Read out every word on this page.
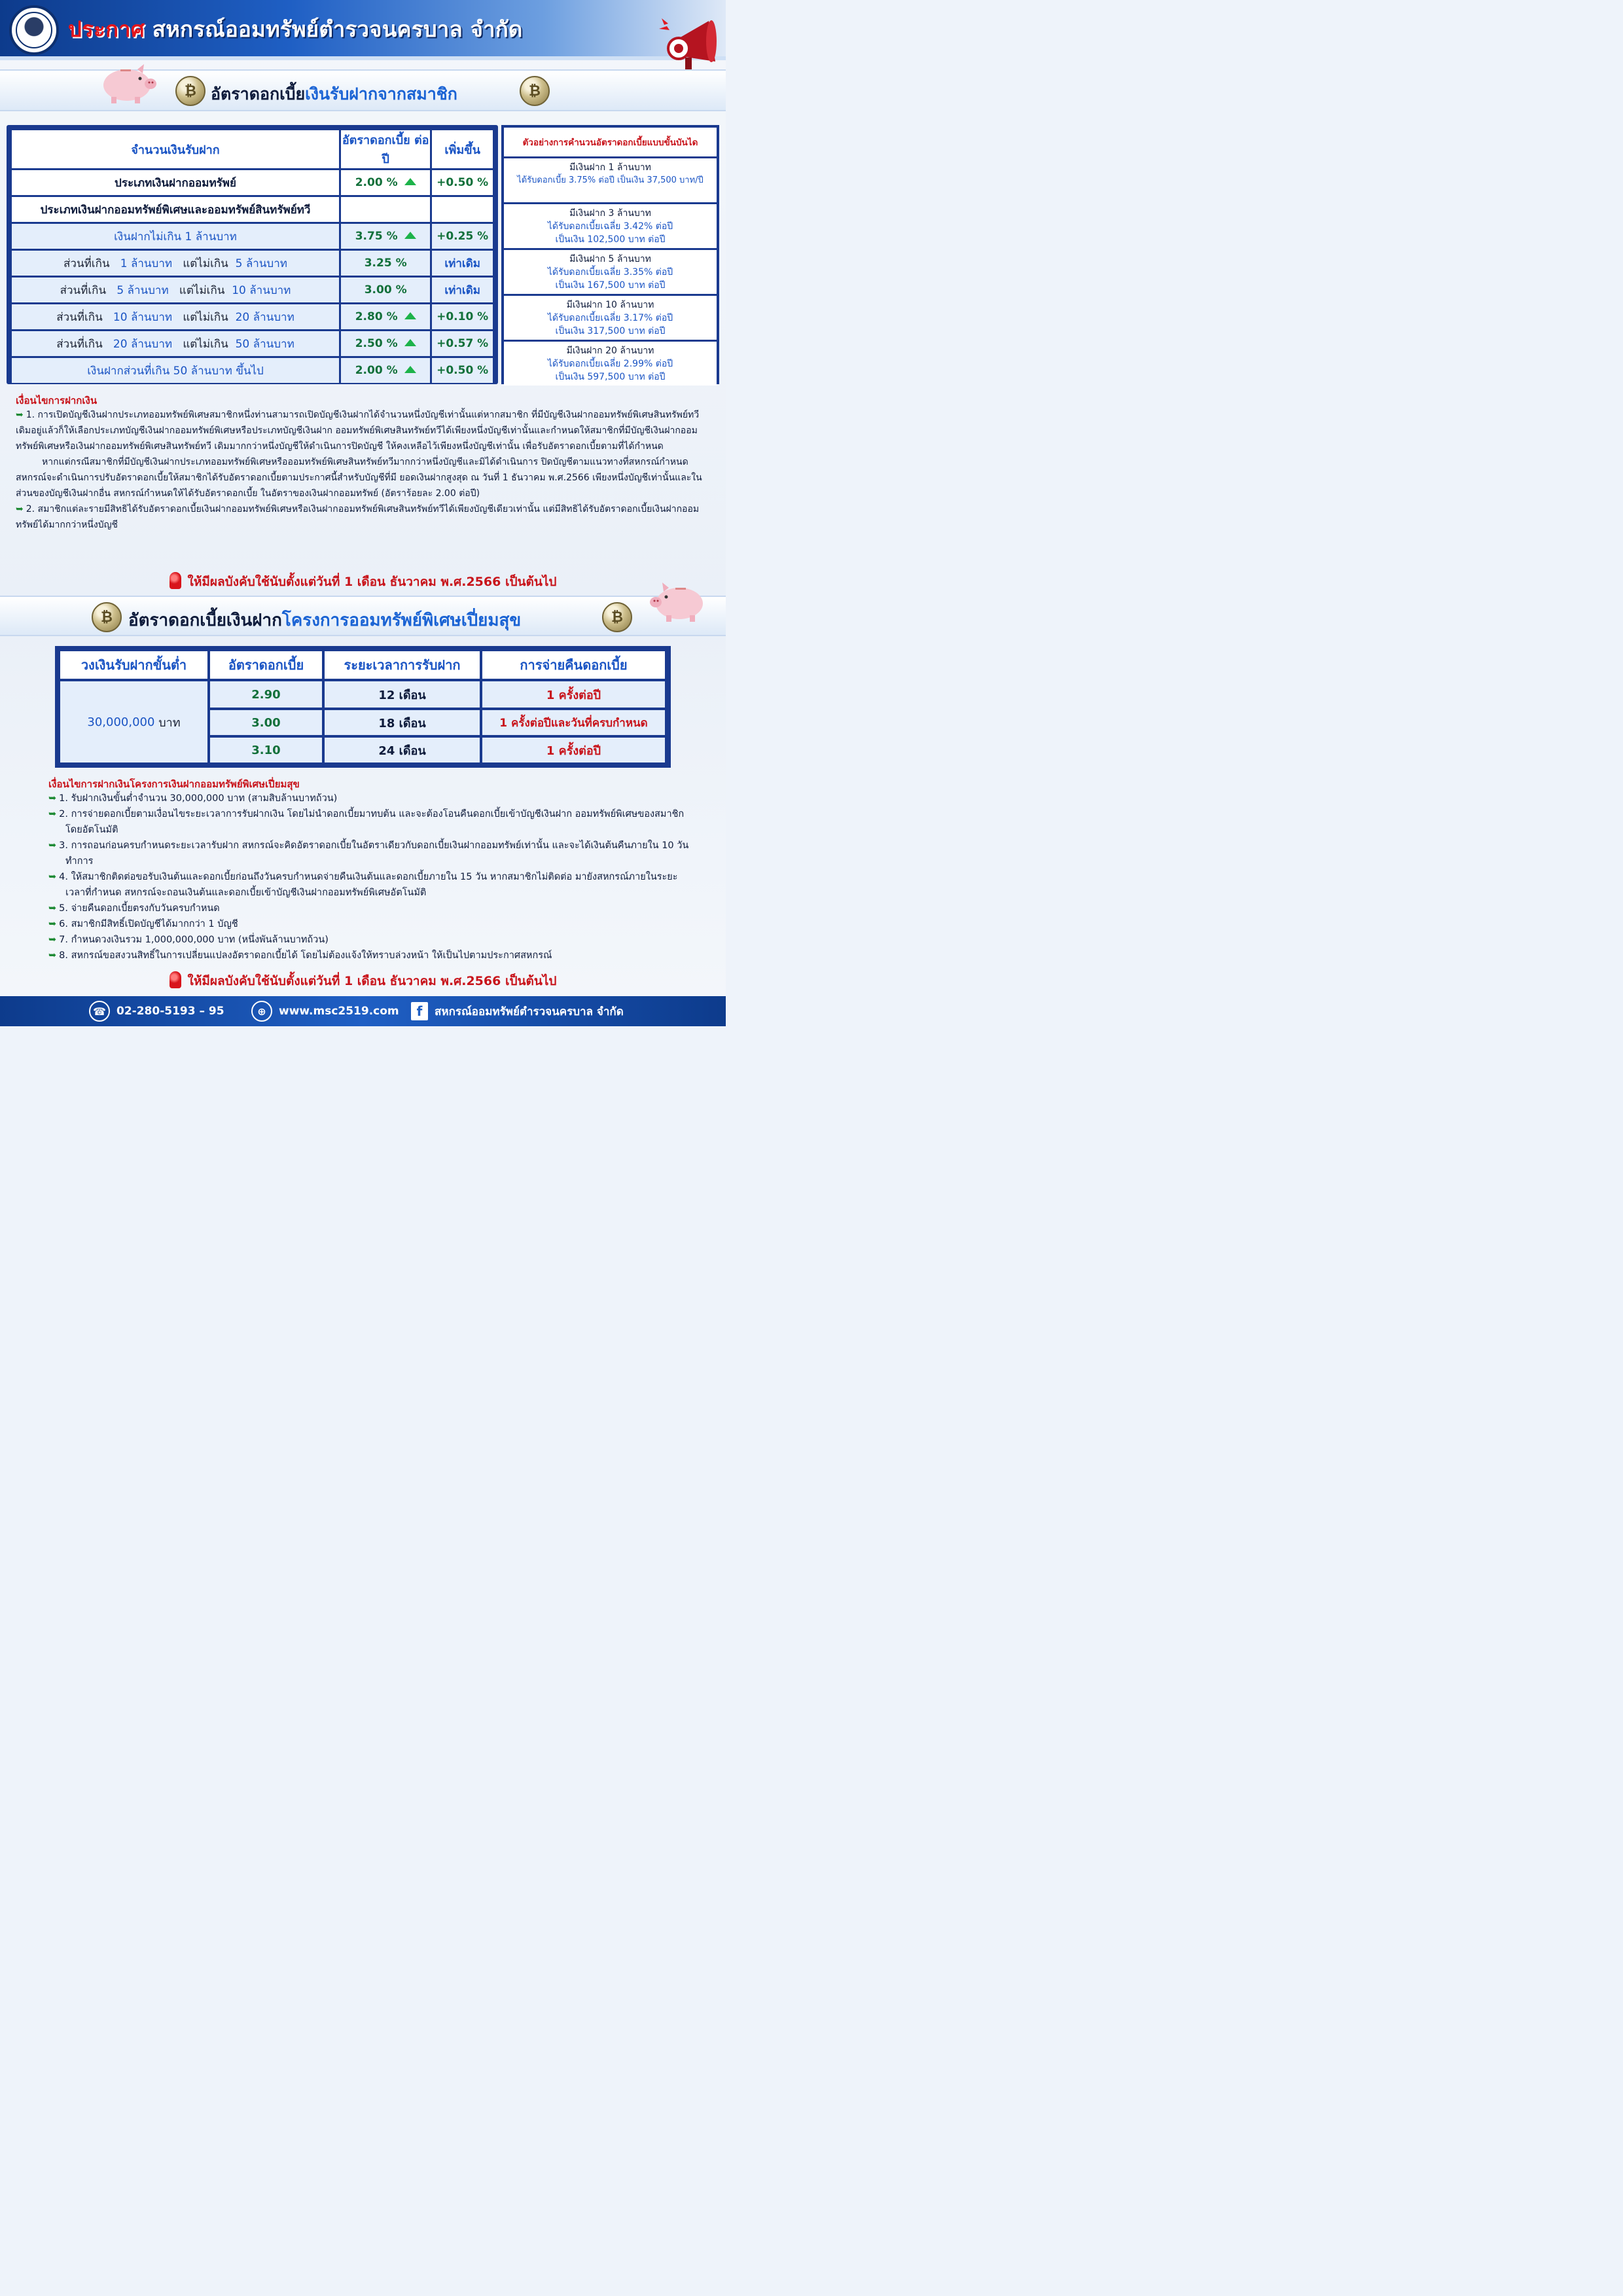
ประกาศ สหกรณ์ออมทรัพย์ตำรวจนครบาล จำกัด
₿ อัตราดอกเบี้ยเงินรับฝากจากสมาชิก	₿
จำนวนเงินรับฝาก	อัตราดอกเบี้ย ต่อปี	เพิ่มขึ้น
ประเภทเงินฝากออมทรัพย์	2.00 %	+0.50 %
ประเภทเงินฝากออมทรัพย์พิเศษและออมทรัพย์สินทรัพย์ทวี		
เงินฝากไม่เกิน 1 ล้านบาท	3.75 %	+0.25 %
ส่วนที่เกิน 1 ล้านบาท แต่ไม่เกิน 5 ล้านบาท	3.25 %	เท่าเดิม
ส่วนที่เกิน 5 ล้านบาท แต่ไม่เกิน 10 ล้านบาท	3.00 %	เท่าเดิม
ส่วนที่เกิน 10 ล้านบาท แต่ไม่เกิน 20 ล้านบาท	2.80 %	+0.10 %
ส่วนที่เกิน 20 ล้านบาท แต่ไม่เกิน 50 ล้านบาท	2.50 %	+0.57 %
เงินฝากส่วนที่เกิน 50 ล้านบาท ขึ้นไป	2.00 %	+0.50 %
ตัวอย่างการคำนวนอัตราดอกเบี้ยแบบขั้นบันได
มีเงินฝาก 1 ล้านบาท
ได้รับดอกเบี้ย 3.75% ต่อปี เป็นเงิน 37,500 บาท/ปี
มีเงินฝาก 3 ล้านบาท
ได้รับดอกเบี้ยเฉลี่ย 3.42% ต่อปี
เป็นเงิน 102,500 บาท ต่อปี
มีเงินฝาก 5 ล้านบาท
ได้รับดอกเบี้ยเฉลี่ย 3.35% ต่อปี
เป็นเงิน 167,500 บาท ต่อปี
มีเงินฝาก 10 ล้านบาท
ได้รับดอกเบี้ยเฉลี่ย 3.17% ต่อปี
เป็นเงิน 317,500 บาท ต่อปี
มีเงินฝาก 20 ล้านบาท
ได้รับดอกเบี้ยเฉลี่ย 2.99% ต่อปี
เป็นเงิน 597,500 บาท ต่อปี
เงื่อนไขการฝากเงิน

➥ 1. การเปิดบัญชีเงินฝากประเภทออมทรัพย์พิเศษสมาชิกหนึ่งท่านสามารถเปิดบัญชีเงินฝากได้จำนวนหนึ่งบัญชีเท่านั้นแต่หากสมาชิก ที่มีบัญชีเงินฝากออมทรัพย์พิเศษสินทรัพย์ทวีเดิมอยู่แล้วก็ให้เลือกประเภทบัญชีเงินฝากออมทรัพย์พิเศษหรือประเภทบัญชีเงินฝาก ออมทรัพย์พิเศษสินทรัพย์ทวีได้เพียงหนึ่งบัญชีเท่านั้นและกำหนดให้สมาชิกที่มีบัญชีเงินฝากออมทรัพย์พิเศษหรือเงินฝากออมทรัพย์พิเศษสินทรัพย์ทวี เดิมมากกว่าหนึ่งบัญชีให้ดำเนินการปิดบัญชี ให้คงเหลือไว้เพียงหนึ่งบัญชีเท่านั้น เพื่อรับอัตราดอกเบี้ยตามที่ได้กำหนด

หากแต่กรณีสมาชิกที่มีบัญชีเงินฝากประเภทออมทรัพย์พิเศษหรือออมทรัพย์พิเศษสินทรัพย์ทวีมากกว่าหนึ่งบัญชีและมิได้ดำเนินการ ปิดบัญชีตามแนวทางที่สหกรณ์กำหนด สหกรณ์จะดำเนินการปรับอัตราดอกเบี้ยให้สมาชิกได้รับอัตราดอกเบี้ยตามประกาศนี้สำหรับบัญชีที่มี ยอดเงินฝากสูงสุด ณ วันที่ 1 ธันวาคม พ.ศ.2566 เพียงหนึ่งบัญชีเท่านั้นและในส่วนของบัญชีเงินฝากอื่น สหกรณ์กำหนดให้ได้รับอัตราดอกเบี้ย ในอัตราของเงินฝากออมทรัพย์ (อัตราร้อยละ 2.00 ต่อปี)

➥ 2. สมาชิกแต่ละรายมีสิทธิได้รับอัตราดอกเบี้ยเงินฝากออมทรัพย์พิเศษหรือเงินฝากออมทรัพย์พิเศษสินทรัพย์ทวีได้เพียงบัญชีเดียวเท่านั้น แต่มีสิทธิได้รับอัตราดอกเบี้ยเงินฝากออมทรัพย์ได้มากกว่าหนึ่งบัญชี

ให้มีผลบังคับใช้นับตั้งแต่วันที่ 1 เดือน ธันวาคม พ.ศ.2566 เป็นต้นไป
₿ อัตราดอกเบี้ยเงินฝากโครงการออมทรัพย์พิเศษเปี่ยมสุข	₿
วงเงินรับฝากขั้นต่ำ	อัตราดอกเบี้ย	ระยะเวลาการรับฝาก	การจ่ายคืนดอกเบี้ย
30,000,000
บาท
2.90	12 เดือน	1 ครั้งต่อปี
3.00	18 เดือน	1 ครั้งต่อปีและวันที่ครบกำหนด
3.10	24 เดือน	1 ครั้งต่อปี
เงื่อนไขการฝากเงินโครงการเงินฝากออมทรัพย์พิเศษเปี่ยมสุข

➥ 1. รับฝากเงินขั้นต่ำจำนวน 30,000,000 บาท (สามสิบล้านบาทถ้วน)

➥ 2. การจ่ายดอกเบี้ยตามเงื่อนไขระยะเวลาการรับฝากเงิน โดยไม่นำดอกเบี้ยมาทบต้น และจะต้องโอนคืนดอกเบี้ยเข้าบัญชีเงินฝาก ออมทรัพย์พิเศษของสมาชิกโดยอัตโนมัติ

➥ 3. การถอนก่อนครบกำหนดระยะเวลารับฝาก สหกรณ์จะคิดอัตราดอกเบี้ยในอัตราเดียวกับดอกเบี้ยเงินฝากออมทรัพย์เท่านั้น และจะได้เงินต้นคืนภายใน 10 วันทำการ

➥ 4. ให้สมาชิกติดต่อขอรับเงินต้นและดอกเบี้ยก่อนถึงวันครบกำหนดจ่ายคืนเงินต้นและดอกเบี้ยภายใน 15 วัน หากสมาชิกไม่ติดต่อ มายังสหกรณ์ภายในระยะเวลาที่กำหนด สหกรณ์จะถอนเงินต้นและดอกเบี้ยเข้าบัญชีเงินฝากออมทรัพย์พิเศษอัตโนมัติ

➥ 5. จ่ายคืนดอกเบี้ยตรงกับวันครบกำหนด

➥ 6. สมาชิกมีสิทธิ์เปิดบัญชีได้มากกว่า 1 บัญชี

➥ 7. กำหนดวงเงินรวม 1,000,000,000 บาท (หนึ่งพันล้านบาทถ้วน)

➥ 8. สหกรณ์ขอสงวนสิทธิ์ในการเปลี่ยนแปลงอัตราดอกเบี้ยได้ โดยไม่ต้องแจ้งให้ทราบล่วงหน้า ให้เป็นไปตามประกาศสหกรณ์

ให้มีผลบังคับใช้นับตั้งแต่วันที่ 1 เดือน ธันวาคม พ.ศ.2566 เป็นต้นไป
☎ 02-280-5193 – 95	⊕	www.msc2519.com	f	สหกรณ์ออมทรัพย์ตำรวจนครบาล จำกัด
